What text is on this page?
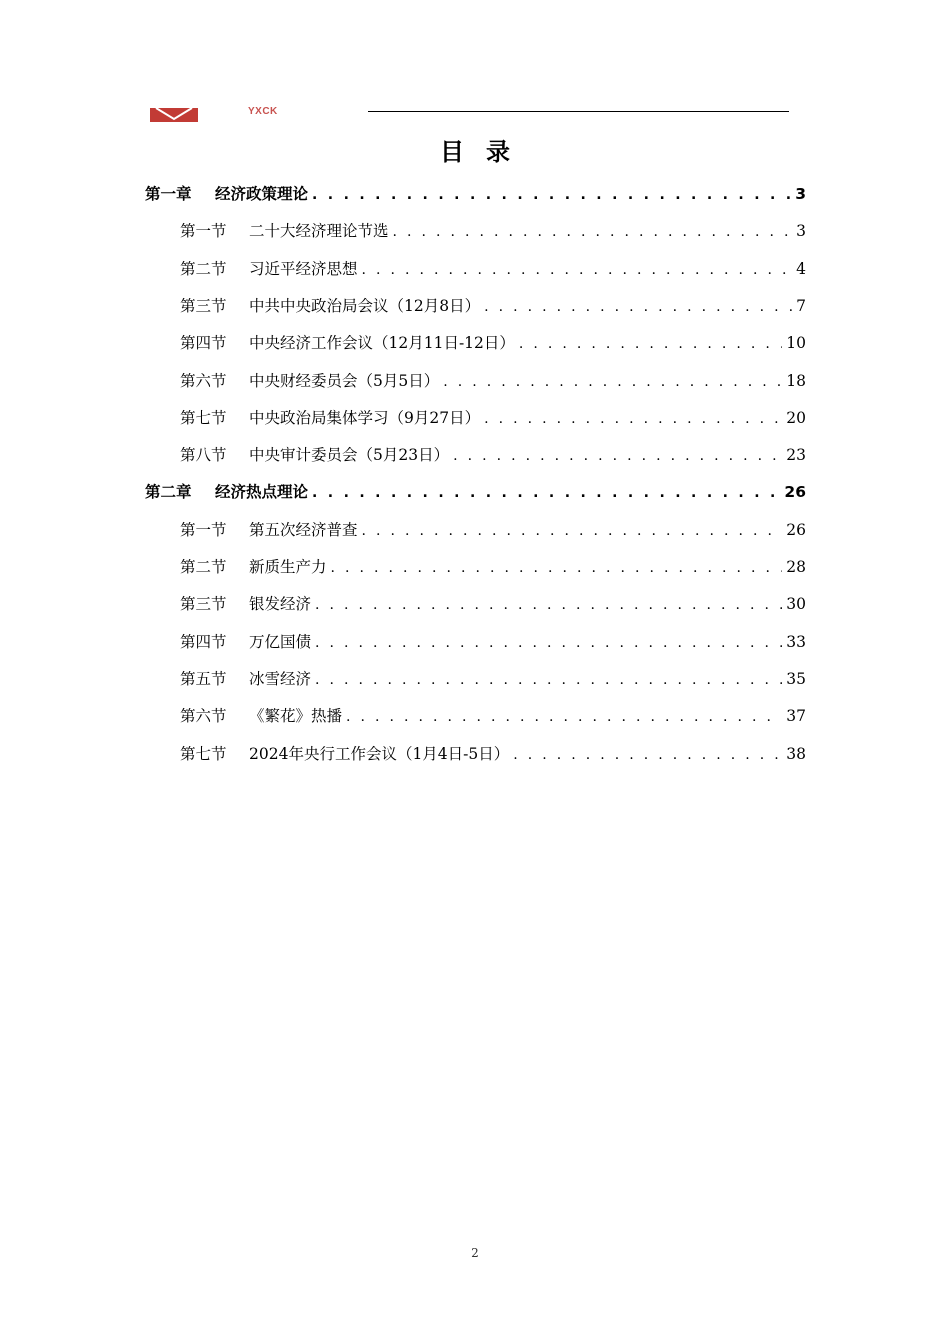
YXCK
目录
第一章	经济政策理论 . . .	3
第一节	二十大经济理论节选 . . .	3
第二节	习近平经济思想 . . .	4
第三节	中共中央政治局会议（12月8日） . . .	7
第四节	中央经济工作会议（12月11日-12日） . . .	10
第六节	中央财经委员会（5月5日） . . .	18
第七节	中央政治局集体学习（9月27日） . . .	20
第八节	中央审计委员会（5月23日） . . .	23
第二章	经济热点理论 . . .	26
第一节	第五次经济普查 . . .	26
第二节	新质生产力 . . .	28
第三节	银发经济 . . .	30
第四节	万亿国债 . . .	33
第五节	冰雪经济 . . .	35
第六节	《繁花》热播 . . .	37
第七节	2024年央行工作会议（1月4日-5日） . . .	38
2
